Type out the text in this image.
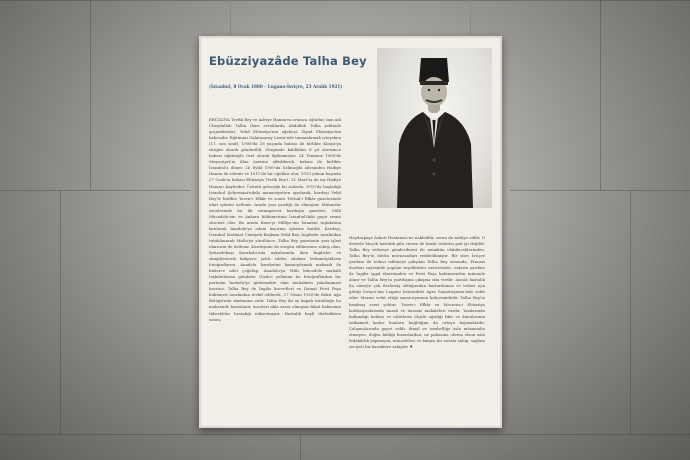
Ebüzziyazâde Talha Bey
(İstanbul, 8 Ocak 1880 – Lugano-İsviçre, 23 Aralık 1921)
EBÜZZİYA Tevfik Bey ve Adviye Hanım'ın ortanca oğludur, tam adı Ubeydullah Talha (bazı evraklarda Abdullah Talha şeklinde geçmektedir). Velid Ebüzziya'nın ağabeyi, Ziyad Ebüzziya'nın babasıdır. Eğitimini Galatasaray Lisesi'nde tamamlamak isteyeken (11. son sınıf), 1906'da 18 yaşında babası ile birlikte Konya'ya sürgün olarak gönderildi. Sürgünde kaldıkları 8 yıl süresince babası eğitimiyle özel olarak ilgilenmiştir. 24 Temmuz 1908'de Meşrutiyet'in ilânı üzerine affedilerek, babası ile birlikte İstanbul'a döner. 26 Eylül 1909'da Selimoğlu ailesinden Hadiye Hanım ile evlenir ve 1911'de bir oğulları olur. 1913 yılının başında 27 Ocak'ta babası Ebüzziya Tevfik Bey'i, 31 Mart'ta da eşi Hadiye Hanım'ı kaybeder. Üzüntü geleceğe bu acılarla, 1910'da başladığı İstanbul Şehremini'ndeki memuriyetten ayrılarak, kardeşi Velid Bey'le birlikte Tasvir-i Efkâr ve sonra Tevhid-i Efkâr gazetesinde idari işlerini üstlenir. Arada yazı yazdığı da olmuştur. Mütareke senelerinde bu iki vatanperver kardeşin gazetesi, Milli Mücadele'nin ve Ankara hükümetinin İstanbul'daki gayri resmi sözcüsü olur. Bu arada Kuva-yi Milliye'nin İstanbul teşkilatına katılarak Anadolu'ya adam kaçırma işlerine katıldı. Kardeşi, İstanbul Matbuat Cemiyeti Başkanı Velid Bey, İngilizler tarafından tutuklanarak Malta'ya sürülünce, Talha Bey gazetenin yazı işleri idaresini de üstlenir. Kardeşinin de sürgün edilmesine sebep olan, Şehzadebaşı Karakolu'nda uykularında iken İngilizler ve süngülenerek kahpece şehit edilen silahsız Mehmetçiklerin fotoğraflarını, Anadolu hareketini kamuoylamak maksadı ile binlerce adet çoğaltıp, Anadolu'ya Milli Mücadele mahalli teşkilatlarına gönderir. Gizlice yollanan bu fotoğraflardan bir partisini İnebolu'ya götürmekte olan muhabirin yakalanması üzerine, Talha Bey de İngiliz kuvvetleri ve Damat Ferit Paşa hükümeti tarafından tevkif edilerek, 27 Nisan 1920'de Bekir Ağa Bölüğü'nün zindanına atılır. Talha Bey iki ay kapalı tutulduğu bu mahzende hastalanır, önceleri akla zarar olmayan fakat babasının tüberküloz hastalığı nüksetmiştir. Hastalık hayli ilerledikten sonra,
Haydarpaşa Askeri Hastanesi'ne nakledilir, sonra da tahliye edilir. O devirde birçok hastalık gibi verem de binde tedavisi pek iyi değildi. Talha Bey tedaviye gönderilmesi ile mümkün olabileceklerinden, Talha Bey'in bütün müracaatları reddedilmiştir. Bir süre İsviçre yardımı ile tedavi edilmeye çalışılan Talha Bey sonunda, Fransız dostları sayesinde yapılan teşebbüsler neticesinde, onların yardımı ile İngiliz işgal idaresinden ve Ferit Paşa kabinesinden minnade alınır ve Talha Bey'in yurtdışına çıkışına izin verilir. Ancak hastalık bu süreçte çok ilerlemiş olduğundan kurtarılamaz ve tedavi için gittiği İsviçre'nin Lugano kentindeki Agra Sanatoryumu'nda vefat eder. Mezarı vefat ettiği sanatoryumun bahçesindedir. Talha Bey'in basılmış eseri yoktur. Tasvir-i Efkâr ve Mecmua-i Ebüzziya koleksiyonlarında imzalı ve imzasız makaleleri vardır. Yazılarında kullandığı kelime ve tabirlerin ölçülü ağırlığı fikir ve konularının istikameti kadar bunlara bağlılığını da ortaya koymaktadır. Çalışmalarında gayet ciddi, ihmal ve tembelliğe asla müsamaha etmeyen, doğru bildiği hususlardan, ne pahasına olursa olsun asla fedakârlık yapmayan, mücadeleci ve karşısı bir zevata sahip, sağlam seciyeli bir karaktere sahiptir. ♦
